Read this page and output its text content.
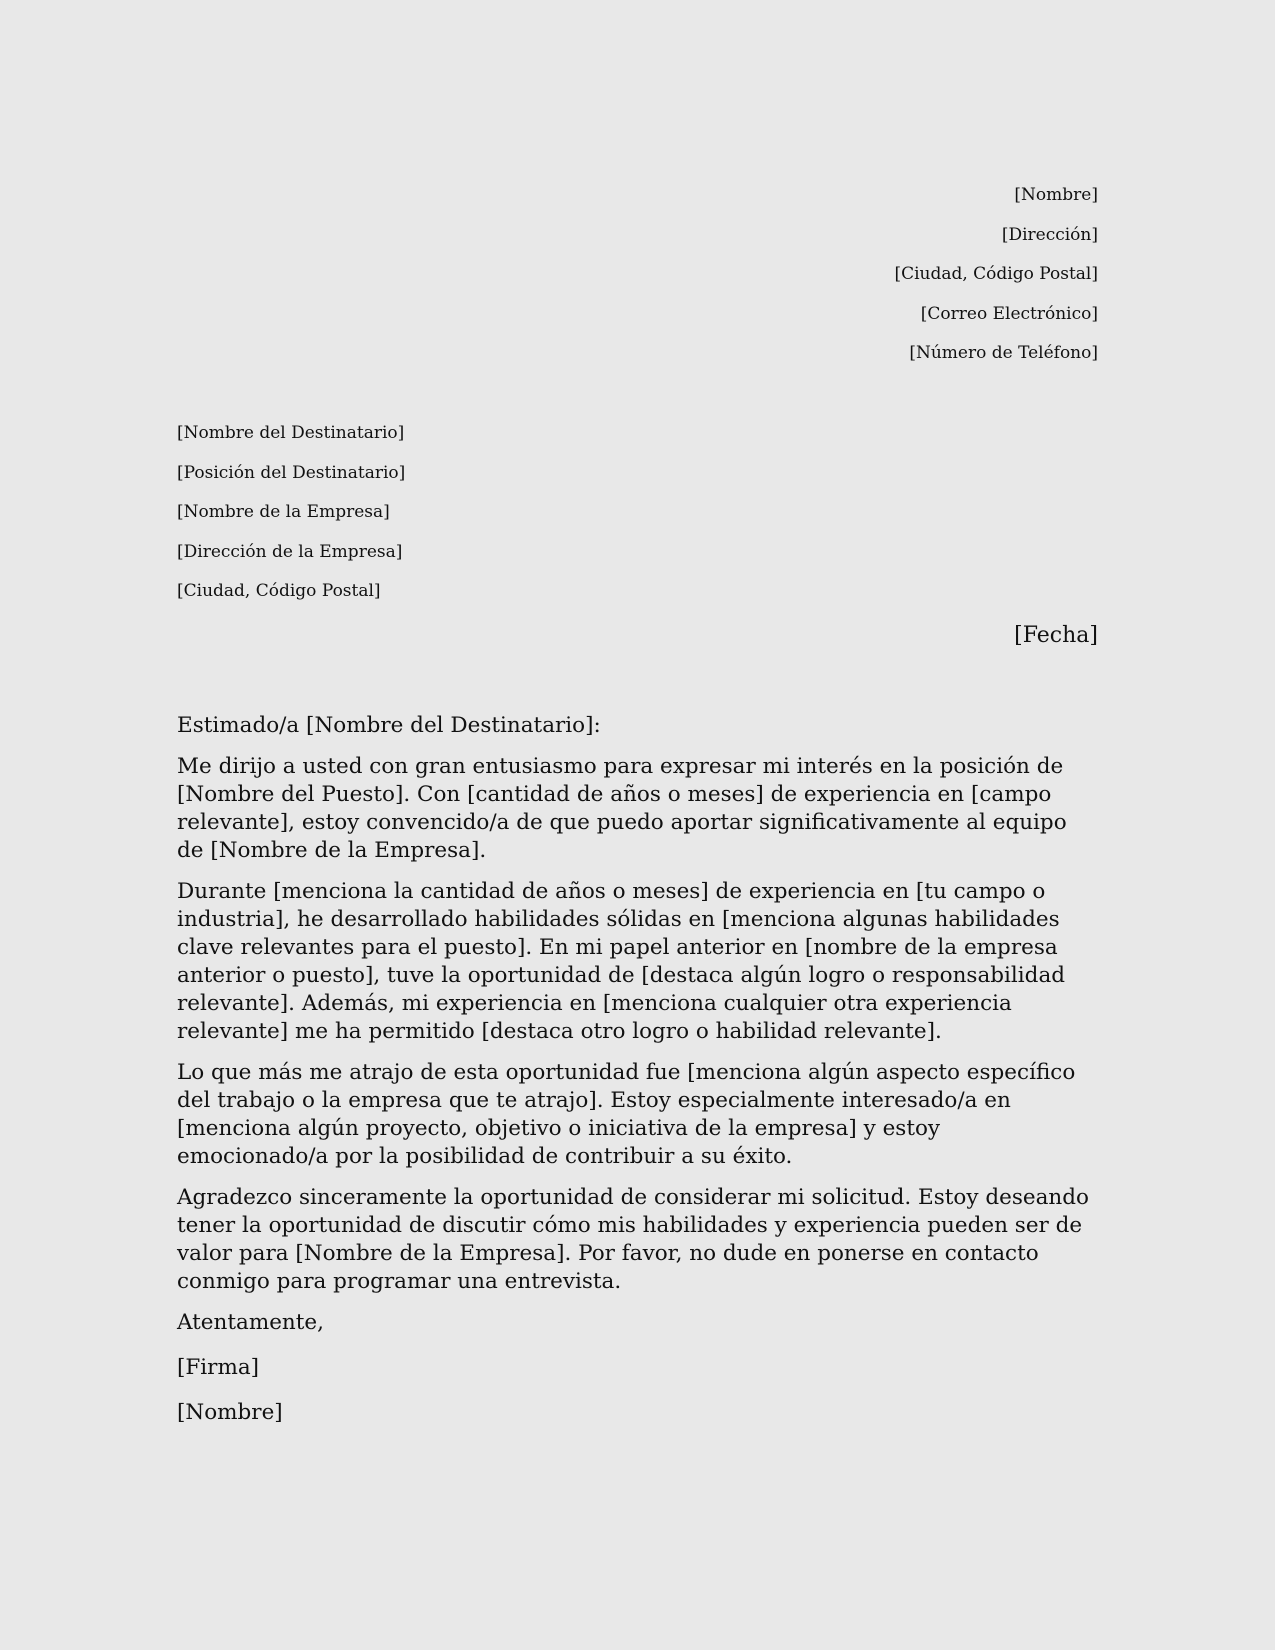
[Nombre]
[Dirección]
[Ciudad, Código Postal]
[Correo Electrónico]
[Número de Teléfono]
[Nombre del Destinatario]
[Posición del Destinatario]
[Nombre de la Empresa]
[Dirección de la Empresa]
[Ciudad, Código Postal]
[Fecha]

Estimado/a [Nombre del Destinatario]:

Me dirijo a usted con gran entusiasmo para expresar mi interés en la posición de [Nombre del Puesto]. Con [cantidad de años o meses] de experiencia en [campo relevante], estoy convencido/a de que puedo aportar significativamente al equipo de [Nombre de la Empresa].

Durante [menciona la cantidad de años o meses] de experiencia en [tu campo o industria], he desarrollado habilidades sólidas en [menciona algunas habilidades clave relevantes para el puesto]. En mi papel anterior en [nombre de la empresa anterior o puesto], tuve la oportunidad de [destaca algún logro o responsabilidad relevante]. Además, mi experiencia en [menciona cualquier otra experiencia relevante] me ha permitido [destaca otro logro o habilidad relevante].

Lo que más me atrajo de esta oportunidad fue [menciona algún aspecto específico del trabajo o la empresa que te atrajo]. Estoy especialmente interesado/a en [menciona algún proyecto, objetivo o iniciativa de la empresa] y estoy emocionado/a por la posibilidad de contribuir a su éxito.

Agradezco sinceramente la oportunidad de considerar mi solicitud. Estoy deseando tener la oportunidad de discutir cómo mis habilidades y experiencia pueden ser de valor para [Nombre de la Empresa]. Por favor, no dude en ponerse en contacto conmigo para programar una entrevista.

Atentamente,

[Firma]

[Nombre]
